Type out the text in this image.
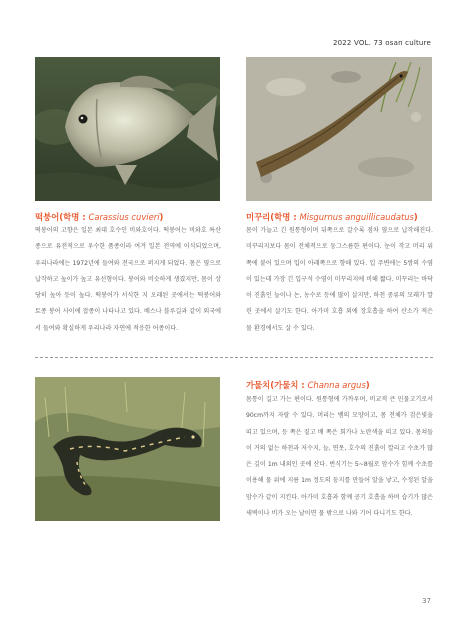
2022 VOL. 73 osan culture
떡붕어(학명 : Carassius cuvieri)
떡붕어의 고향은 일본 최대 호수인 비와호이다. 떡붕어는 비와호 특산종으로 유전적으로 우수한 품종이라 여겨 일본 전역에 이식되었으며, 우리나라에는 1972년에 들여와 전국으로 퍼지게 되었다. 몸은 옆으로 납작하고 높이가 높고 유선형이다. 붕어와 비슷하게 생겼지만, 몸이 상당히 높아 등이 높다. 떡붕어가 서식한 지 오래된 곳에서는 떡붕어와 토종 붕어 사이에 잡종이 나타나고 있다. 배스나 블루길과 같이 외국에서 들여와 확실하게 우리나라 자연에 적응한 어종이다.
미꾸리(학명 : Misgurnus anguillicaudatus)
몸이 가늘고 긴 원통형이며 뒤쪽으로 갈수록 점차 옆으로 납작해진다. 미꾸리지보다 몸이 전체적으로 둥그스름한 편이다. 눈이 작고 머리 위쪽에 붙어 있으며 입이 아래쪽으로 향해 있다. 입 주변에는 5쌍의 수염이 있는데 가장 긴 입구석 수염이 미꾸리지에 비해 짧다. 미꾸리는 바닥이 진흙인 늪이나 논, 농수로 등에 많이 살지만, 하천 중류의 모래가 깔린 곳에서 살기도 한다. 아가미 호흡 외에 장호흡을 하여 산소가 적은 물 환경에서도 살 수 있다.
가물치(가물치 : Channa argus)
몸통이 길고 가는 편이다. 원통형에 가까우며, 비교적 큰 민물고기로서 90cm까지 자랄 수 있다. 머리는 뱀의 모양이고, 몸 전체가 검은빛을 띠고 있으며, 등 쪽은 짙고 배 쪽은 회가나 노란색을 띠고 있다. 몸쳐들이 거의 없는 하천과 저수지, 늪, 연못, 호수의 진흙이 깔리고 수초가 많은 깊이 1m 내외인 곳에 산다. 번식기는 5~8월로 암수가 힘께 수초를 이용해 물 위에 지름 1m 정도의 둥지를 만들어 알을 낳고, 수정된 알을 암수가 같이 지킨다. 아가미 호흡과 함께 공기 호흡을 하며 습기가 많은 새벽이나 비가 오는 날이면 물 밖으로 나와 기어 다니기도 한다.
37
